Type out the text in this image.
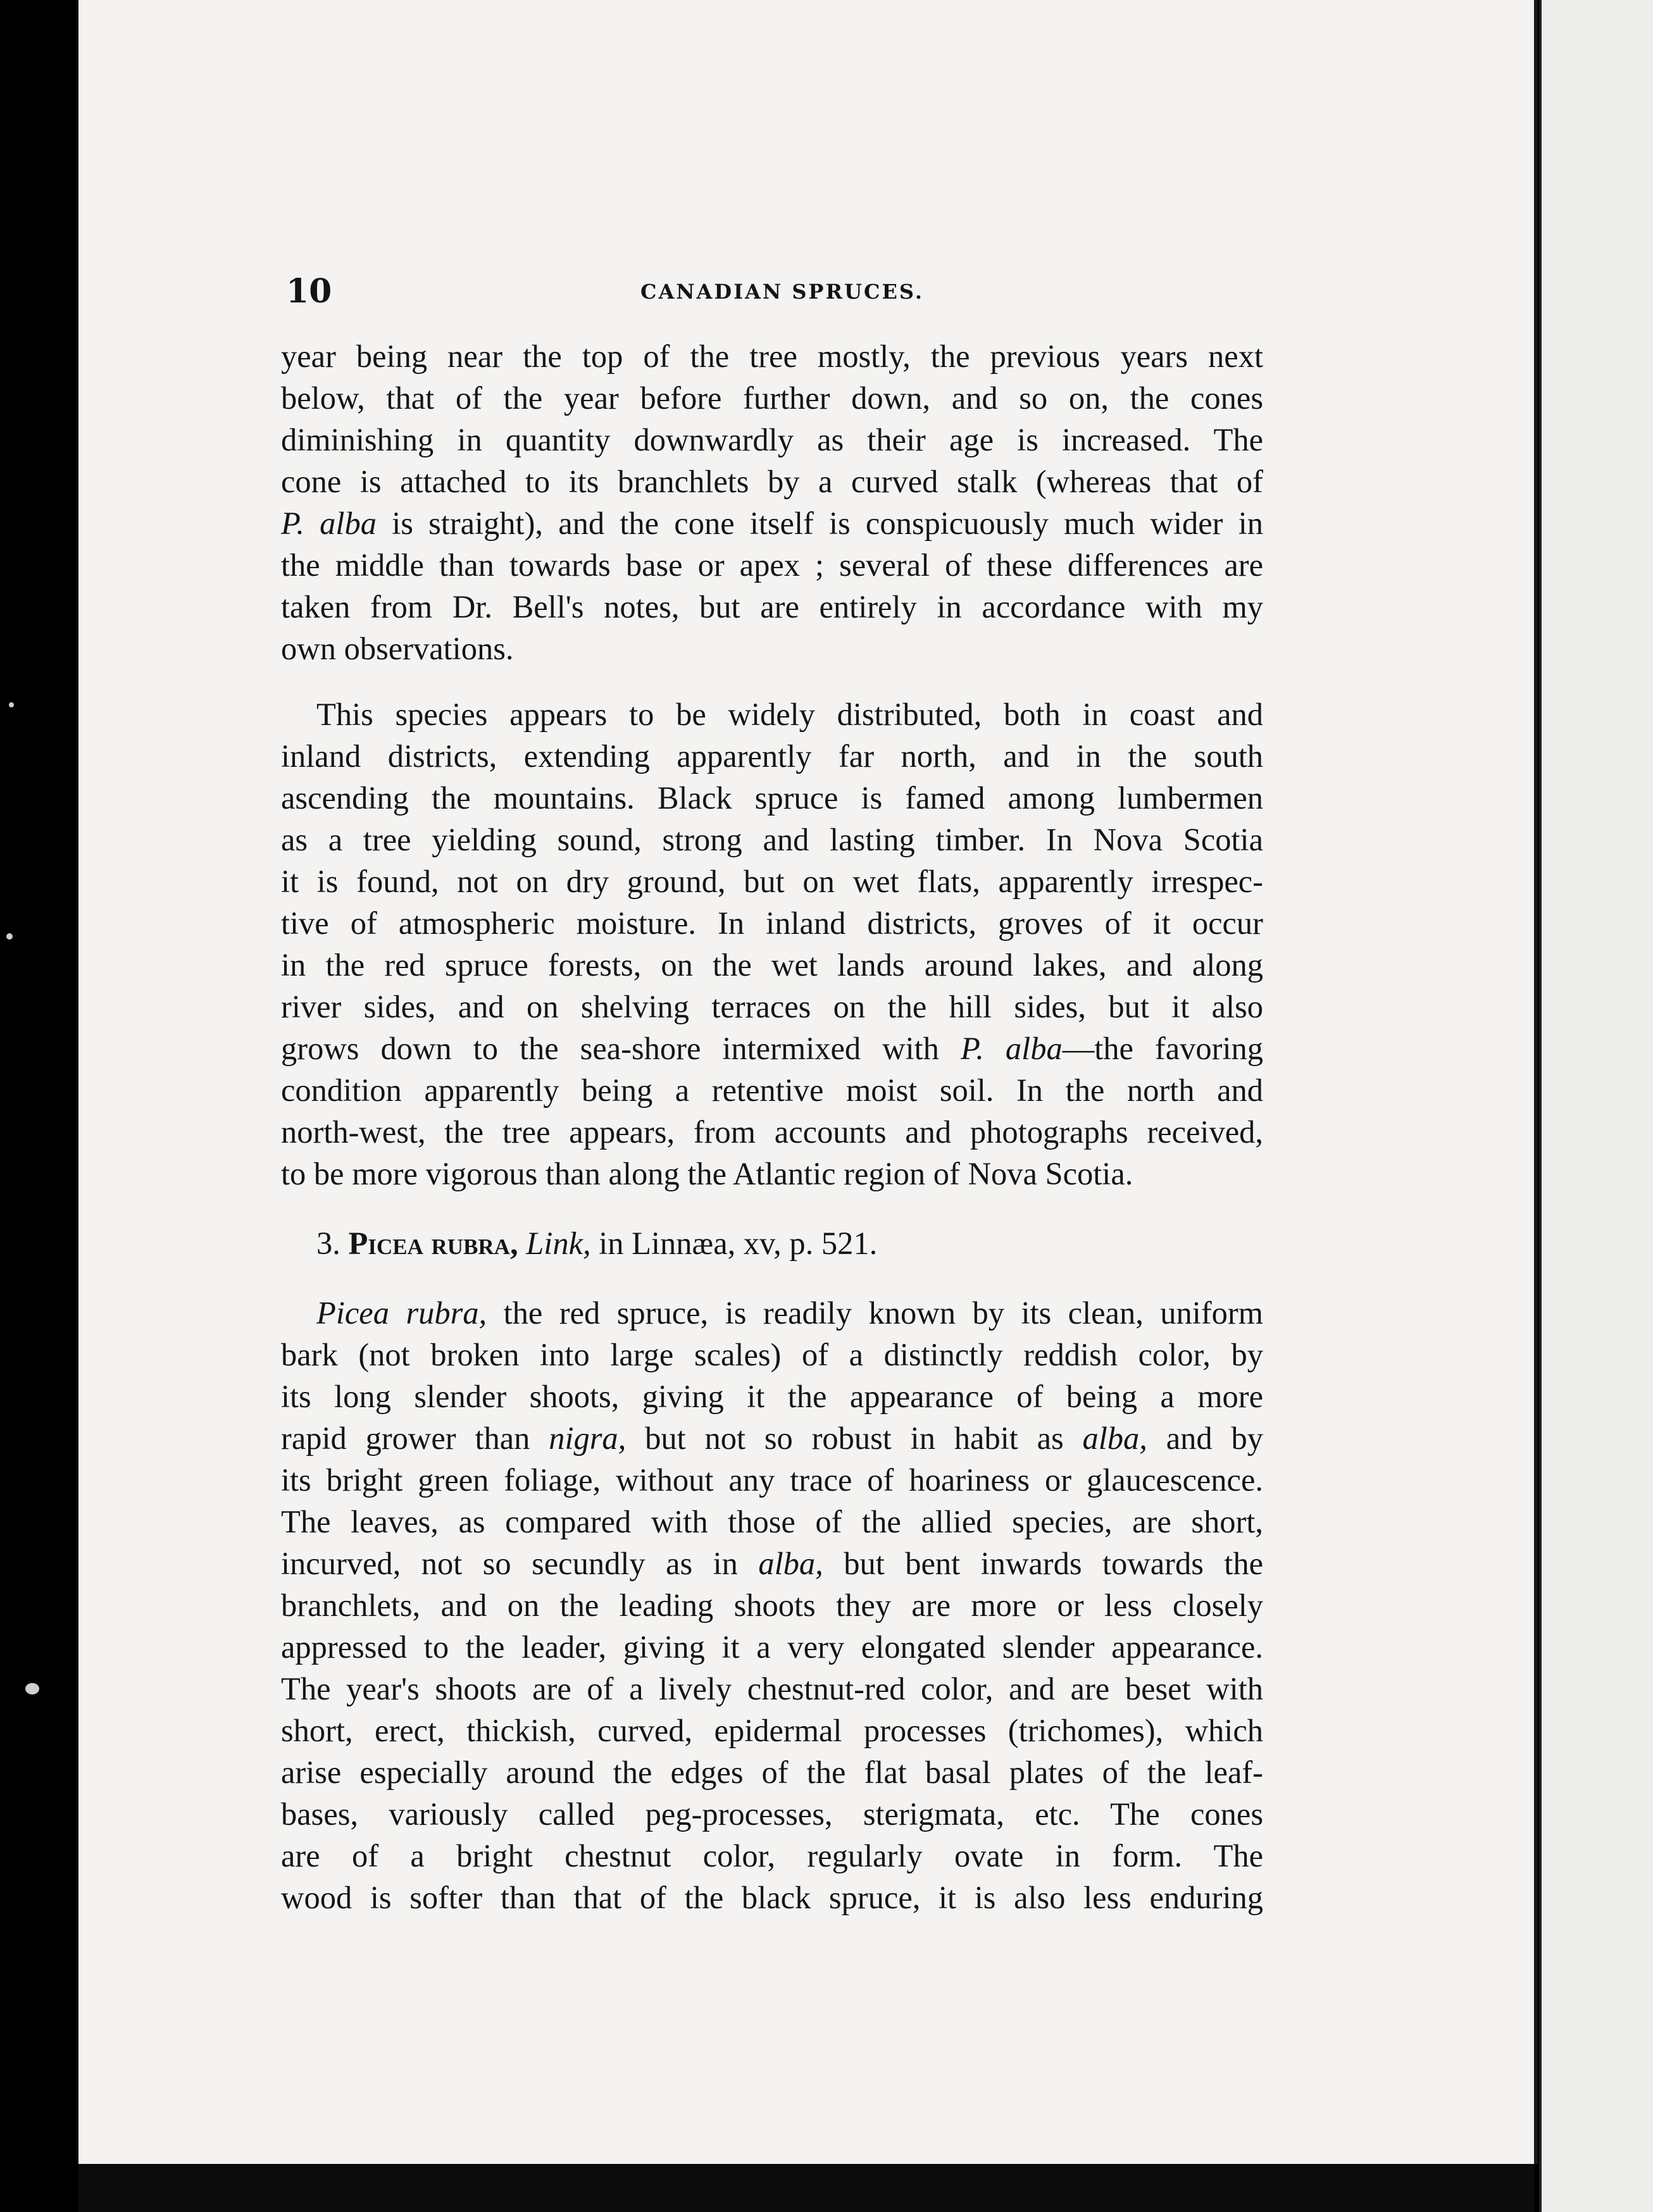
10	CANADIAN SPRUCES.
year being near the top of the tree mostly, the previous years next
below, that of the year before further down, and so on, the cones
diminishing in quantity downwardly as their age is increased. The
cone is attached to its branchlets by a curved stalk (whereas that of
P. alba is straight), and the cone itself is conspicuously much wider in
the middle than towards base or apex ; several of these differences are
taken from Dr. Bell's notes, but are entirely in accordance with my
own observations.
This species appears to be widely distributed, both in coast and
inland districts, extending apparently far north, and in the south
ascending the mountains. Black spruce is famed among lumbermen
as a tree yielding sound, strong and lasting timber. In Nova Scotia
it is found, not on dry ground, but on wet flats, apparently irrespec-
tive of atmospheric moisture. In inland districts, groves of it occur
in the red spruce forests, on the wet lands around lakes, and along
river sides, and on shelving terraces on the hill sides, but it also
grows down to the sea-shore intermixed with P. alba—the favoring
condition apparently being a retentive moist soil. In the north and
north-west, the tree appears, from accounts and photographs received,
to be more vigorous than along the Atlantic region of Nova Scotia.
3. Picea rubra, Link, in Linnæa, xv, p. 521.
Picea rubra, the red spruce, is readily known by its clean, uniform
bark (not broken into large scales) of a distinctly reddish color, by
its long slender shoots, giving it the appearance of being a more
rapid grower than nigra, but not so robust in habit as alba, and by
its bright green foliage, without any trace of hoariness or glaucescence.
The leaves, as compared with those of the allied species, are short,
incurved, not so secundly as in alba, but bent inwards towards the
branchlets, and on the leading shoots they are more or less closely
appressed to the leader, giving it a very elongated slender appearance.
The year's shoots are of a lively chestnut-red color, and are beset with
short, erect, thickish, curved, epidermal processes (trichomes), which
arise especially around the edges of the flat basal plates of the leaf-
bases, variously called peg-processes, sterigmata, etc. The cones
are of a bright chestnut color, regularly ovate in form. The
wood is softer than that of the black spruce, it is also less enduring
